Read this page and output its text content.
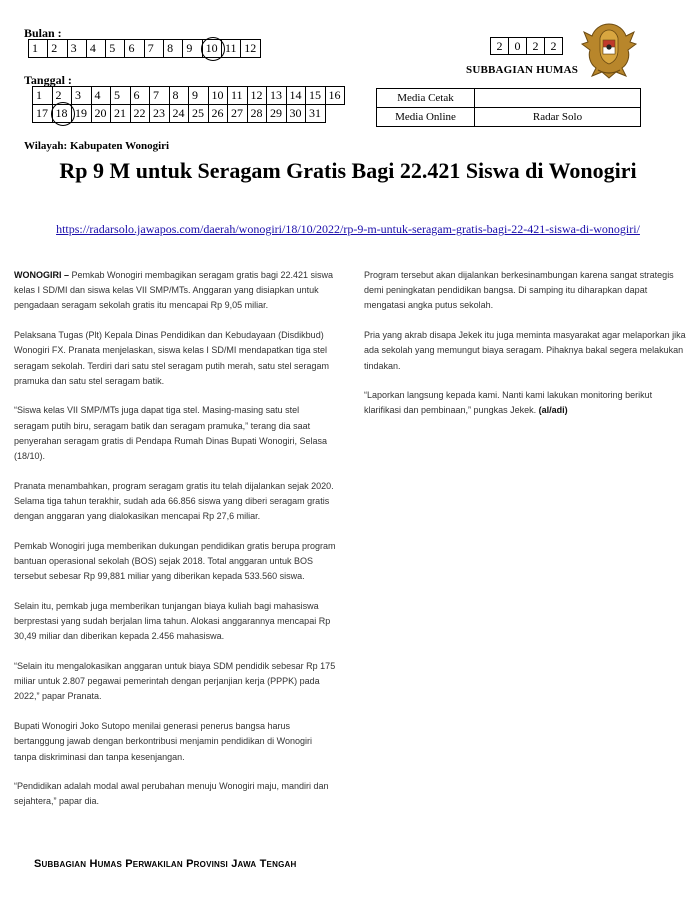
Bulan :
1	2	3	4	5	6	7	8	9	10	11	12
Tanggal :
1	2	3	4	5	6	7	8	9	10	11	12	13	14	15	16
17	18	19	20	21	22	23	24	25	26	27	28	29	30	31	
2	0	2	2
SUBBAGIAN HUMAS
Media Cetak	
Media Online	Radar Solo
Wilayah: Kabupaten Wonogiri
Rp 9 M untuk Seragam Gratis Bagi 22.421 Siswa di Wonogiri
https://radarsolo.jawapos.com/daerah/wonogiri/18/10/2022/rp-9-m-untuk-seragam-gratis-bagi-22-421-siswa-di-wonogiri/

WONOGIRI – Pemkab Wonogiri membagikan seragam gratis bagi 22.421 siswa kelas I SD/MI dan siswa kelas VII SMP/MTs. Anggaran yang disiapkan untuk pengadaan seragam sekolah gratis itu mencapai Rp 9,05 miliar.

Pelaksana Tugas (Plt) Kepala Dinas Pendidikan dan Kebudayaan (Disdikbud) Wonogiri FX. Pranata menjelaskan, siswa kelas I SD/MI mendapatkan tiga stel seragam sekolah. Terdiri dari satu stel seragam putih merah, satu stel seragam pramuka dan satu stel seragam batik.

“Siswa kelas VII SMP/MTs juga dapat tiga stel. Masing-masing satu stel seragam putih biru, seragam batik dan seragam pramuka,” terang dia saat penyerahan seragam gratis di Pendapa Rumah Dinas Bupati Wonogiri, Selasa (18/10).

Pranata menambahkan, program seragam gratis itu telah dijalankan sejak 2020. Selama tiga tahun terakhir, sudah ada 66.856 siswa yang diberi seragam gratis dengan anggaran yang dialokasikan mencapai Rp 27,6 miliar.

Pemkab Wonogiri juga memberikan dukungan pendidikan gratis berupa program bantuan operasional sekolah (BOS) sejak 2018. Total anggaran untuk BOS tersebut sebesar Rp 99,881 miliar yang diberikan kepada 533.560 siswa.

Selain itu, pemkab juga memberikan tunjangan biaya kuliah bagi mahasiswa berprestasi yang sudah berjalan lima tahun. Alokasi anggarannya mencapai Rp 30,49 miliar dan diberikan kepada 2.456 mahasiswa.

“Selain itu mengalokasikan anggaran untuk biaya SDM pendidik sebesar Rp 175 miliar untuk 2.807 pegawai pemerintah dengan perjanjian kerja (PPPK) pada 2022,” papar Pranata.

Bupati Wonogiri Joko Sutopo menilai generasi penerus bangsa harus bertanggung jawab dengan berkontribusi menjamin pendidikan di Wonogiri tanpa diskriminasi dan tanpa kesenjangan.

“Pendidikan adalah modal awal perubahan menuju Wonogiri maju, mandiri dan sejahtera,” papar dia.

Program tersebut akan dijalankan berkesinambungan karena sangat strategis demi peningkatan pendidikan bangsa. Di samping itu diharapkan dapat mengatasi angka putus sekolah.

Pria yang akrab disapa Jekek itu juga meminta masyarakat agar melaporkan jika ada sekolah yang memungut biaya seragam. Pihaknya bakal segera melakukan tindakan.

“Laporkan langsung kepada kami. Nanti kami lakukan monitoring berikut klarifikasi dan pembinaan,” pungkas Jekek. (al/adi)

Subbagian Humas Perwakilan Provinsi Jawa Tengah
